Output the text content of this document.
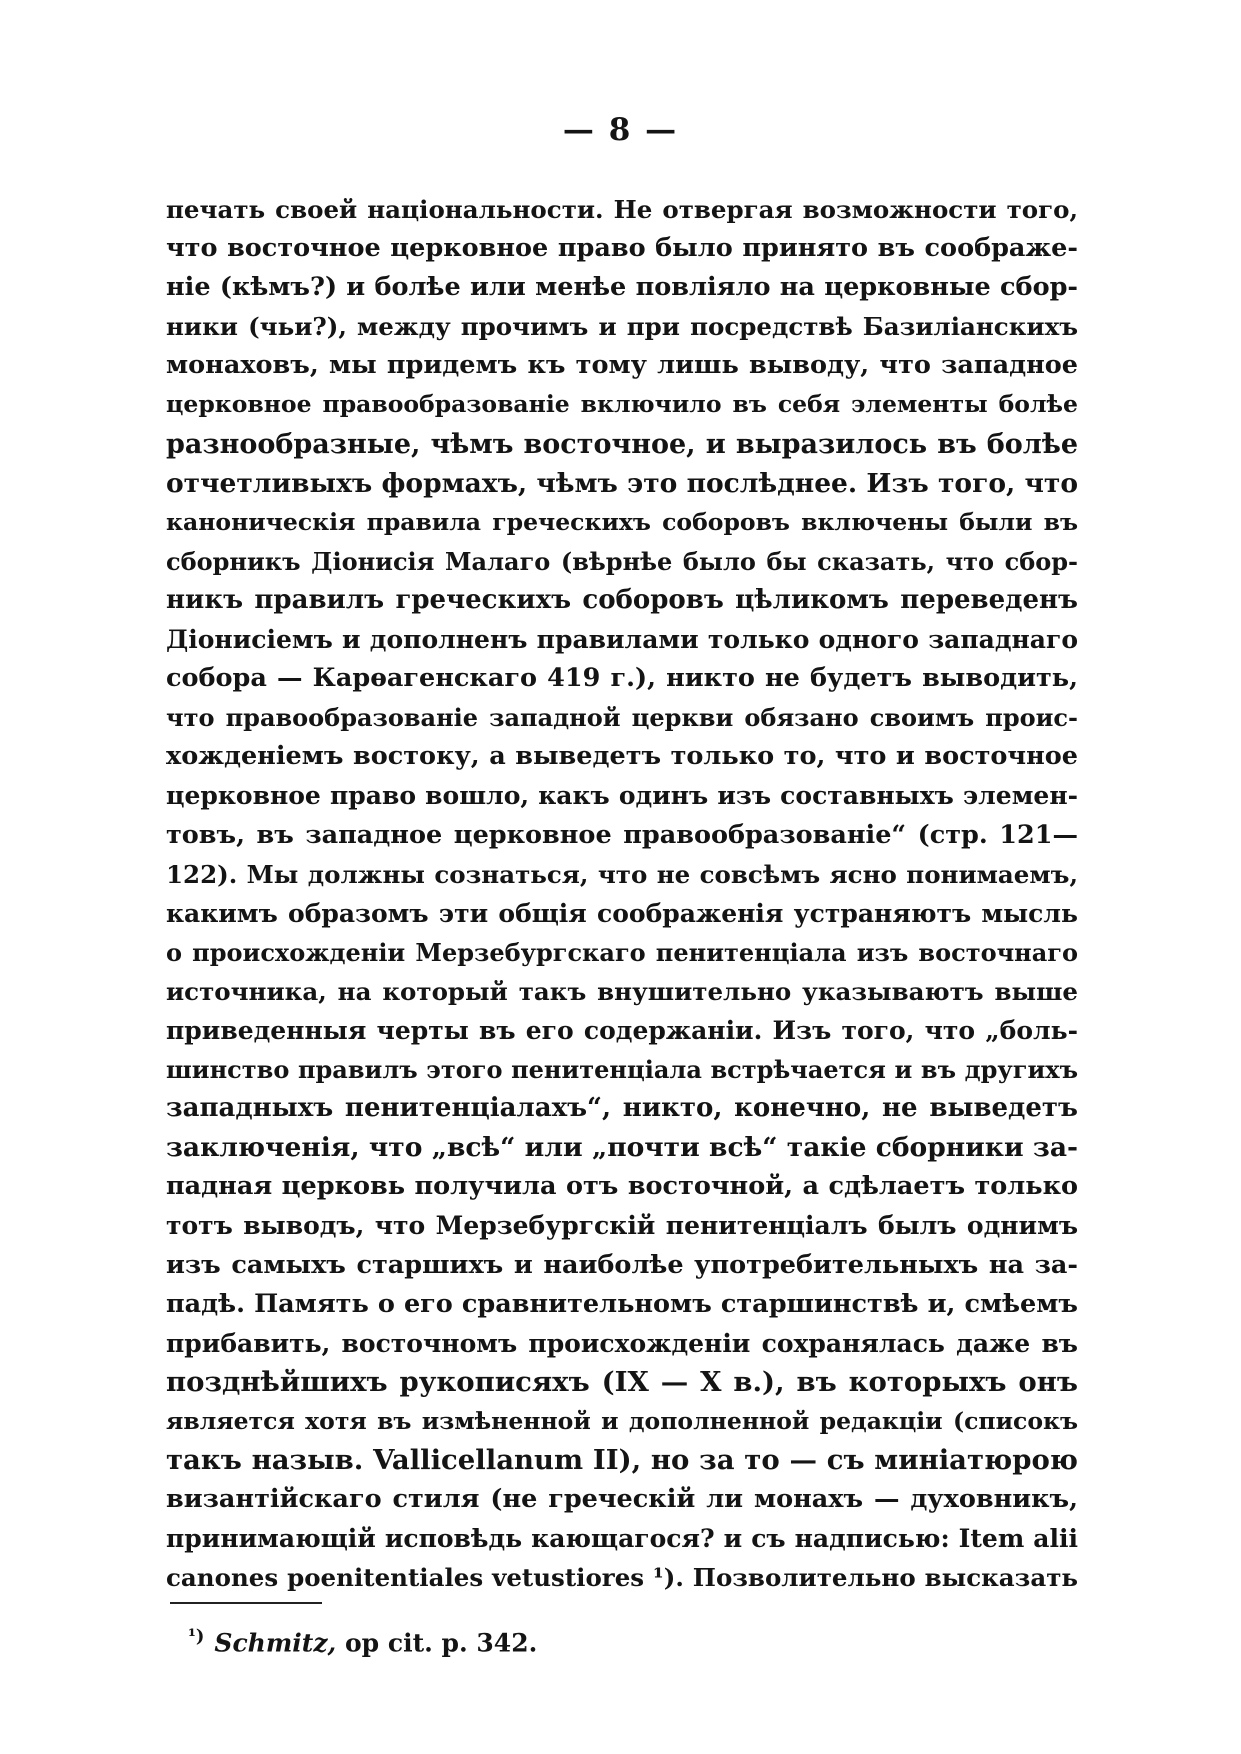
— 8 —
печать своей національности. Не отвергая возможности того,
что восточное церковное право было принято въ соображе-
ніе (кѣмъ?) и болѣе или менѣе повліяло на церковные сбор-
ники (чьи?), между прочимъ и при посредствѣ Базиліанскихъ
монаховъ, мы придемъ къ тому лишь выводу, что западное
церковное правообразованіе включило въ себя элементы болѣе
разнообразные, чѣмъ восточное, и выразилось въ болѣе
отчетливыхъ формахъ, чѣмъ это послѣднее. Изъ того, что
каноническія правила греческихъ соборовъ включены были въ
сборникъ Діонисія Малаго (вѣрнѣе было бы сказать, что сбор-
никъ правилъ греческихъ соборовъ цѣликомъ переведенъ
Діонисіемъ и дополненъ правилами только одного западнаго
собора — Карѳагенскаго 419 г.), никто не будетъ выводить,
что правообразованіе западной церкви обязано своимъ проис-
хожденіемъ востоку, а выведетъ только то, что и восточное
церковное право вошло, какъ одинъ изъ составныхъ элемен-
товъ, въ западное церковное правообразованіе“ (стр. 121—
122). Мы должны сознаться, что не совсѣмъ ясно понимаемъ,
какимъ образомъ эти общія соображенія устраняютъ мысль
о происхожденіи Мерзебургскаго пенитенціала изъ восточнаго
источника, на который такъ внушительно указываютъ выше
приведенныя черты въ его содержаніи. Изъ того, что „боль-
шинство правилъ этого пенитенціала встрѣчается и въ другихъ
западныхъ пенитенціалахъ“, никто, конечно, не выведетъ
заключенія, что „всѣ“ или „почти всѣ“ такіе сборники за-
падная церковь получила отъ восточной, а сдѣлаетъ только
тотъ выводъ, что Мерзебургскій пенитенціалъ былъ однимъ
изъ самыхъ старшихъ и наиболѣе употребительныхъ на за-
падѣ. Память о его сравнительномъ старшинствѣ и, смѣемъ
прибавить, восточномъ происхожденіи сохранялась даже въ
позднѣйшихъ рукописяхъ (IX — X в.), въ которыхъ онъ
является хотя въ измѣненной и дополненной редакціи (списокъ
такъ назыв. Vallicellanum II), но за то — съ миніатюрою
византійскаго стиля (не греческій ли монахъ — духовникъ,
принимающій исповѣдь кающагося? и съ надписью: Item alii
canones poenitentiales vetustiores ¹). Позволительно высказать
$^{^1)}$ Schmitz, op cit. p. 342.
